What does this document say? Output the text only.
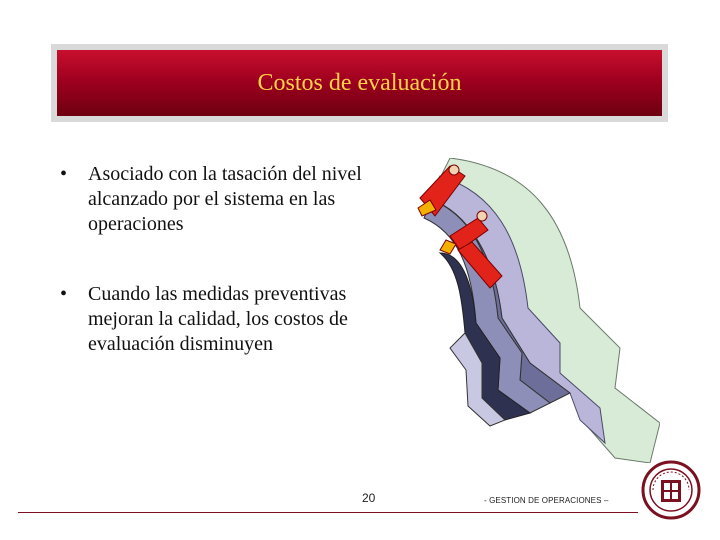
Costos de evaluación
• Asociado con la tasación del nivel alcanzado por el sistema en las operaciones
• Cuando las medidas preventivas mejoran la calidad, los costos de evaluación disminuyen
20	- GESTION DE OPERACIONES –
